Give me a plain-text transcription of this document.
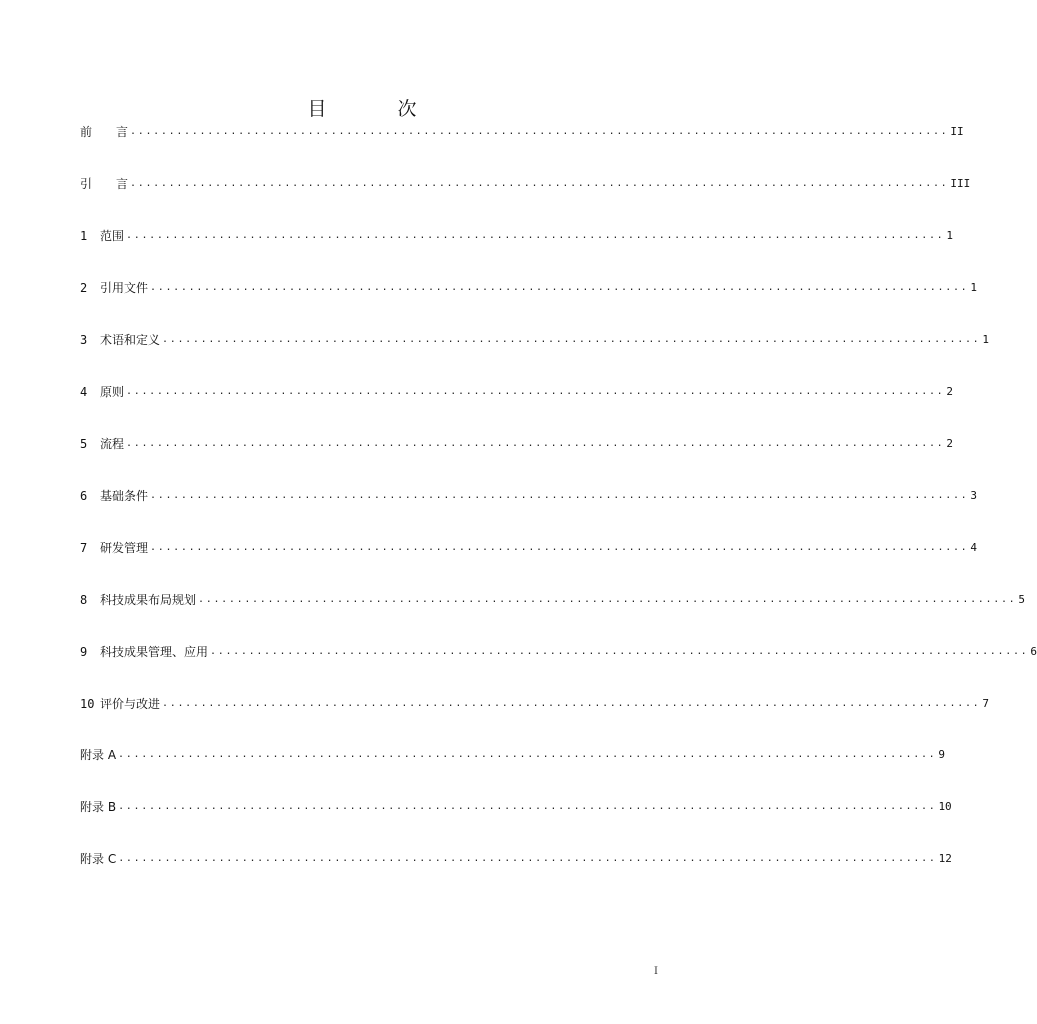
目　次
前　　言 .......................................................................................................... II
引　　言 .......................................................................................................... III
1 范围 .......................................................................................................... 1
2 引用文件 .......................................................................................................... 1
3 术语和定义 .......................................................................................................... 1
4 原则 .......................................................................................................... 2
5 流程 .......................................................................................................... 2
6 基础条件 .......................................................................................................... 3
7 研发管理 .......................................................................................................... 4
8 科技成果布局规划 .......................................................................................................... 5
9 科技成果管理、应用 .......................................................................................................... 6
10 评价与改进 .......................................................................................................... 7
附录 A .......................................................................................................... 9
附录 B .......................................................................................................... 10
附录 C .......................................................................................................... 12
I
